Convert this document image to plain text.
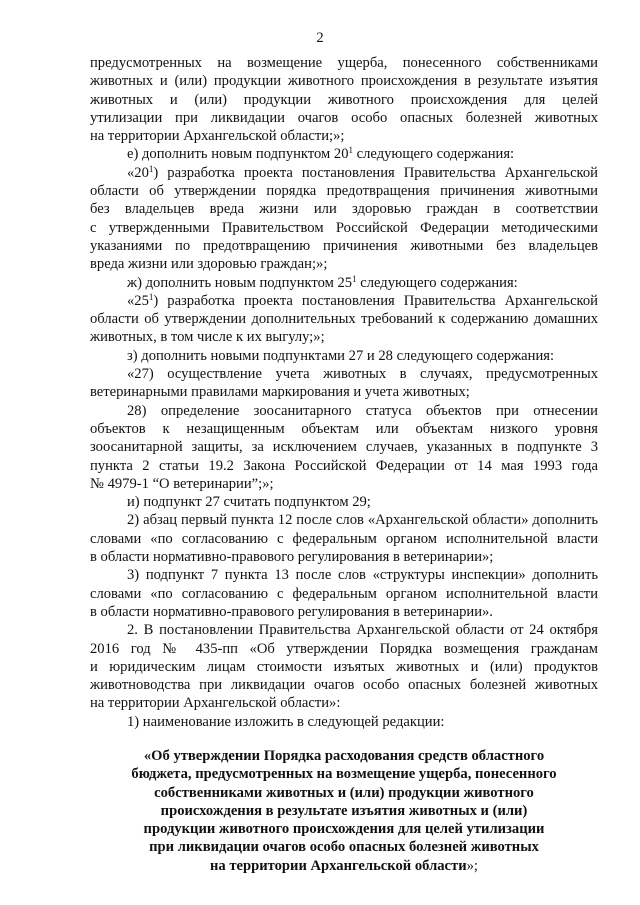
2
предусмотренных на возмещение ущерба, понесенного собственниками
животных и (или) продукции животного происхождения в результате изъятия
животных и (или) продукции животного происхождения для целей
утилизации при ликвидации очагов особо опасных болезней животных
на территории Архангельской области;»;
е) дополнить новым подпунктом $20^1$ следующего содержания:
«$20^1$) разработка проекта постановления Правительства Архангельской
области об утверждении порядка предотвращения причинения животными
без владельцев вреда жизни или здоровью граждан в соответствии
с утвержденными Правительством Российской Федерации методическими
указаниями по предотвращению причинения животными без владельцев
вреда жизни или здоровью граждан;»;
ж) дополнить новым подпунктом $25^1$ следующего содержания:
«$25^1$) разработка проекта постановления Правительства Архангельской
области об утверждении дополнительных требований к содержанию домашних
животных, в том числе к их выгулу;»;
з) дополнить новыми подпунктами 27 и 28 следующего содержания:
«27) осуществление учета животных в случаях, предусмотренных
ветеринарными правилами маркирования и учета животных;
28) определение зоосанитарного статуса объектов при отнесении
объектов к незащищенным объектам или объектам низкого уровня
зоосанитарной защиты, за исключением случаев, указанных в подпункте 3
пункта 2 статьи 19.2 Закона Российской Федерации от 14 мая 1993 года
№ 4979-1 “О ветеринарии”;»;
и) подпункт 27 считать подпунктом 29;
2) абзац первый пункта 12 после слов «Архангельской области» дополнить
словами «по согласованию с федеральным органом исполнительной власти
в области нормативно-правового регулирования в ветеринарии»;
3) подпункт 7 пункта 13 после слов «структуры инспекции» дополнить
словами «по согласованию с федеральным органом исполнительной власти
в области нормативно-правового регулирования в ветеринарии».
2. В постановлении Правительства Архангельской области от 24 октября
2016 год № 435-пп «Об утверждении Порядка возмещения гражданам
и юридическим лицам стоимости изъятых животных и (или) продуктов
животноводства при ликвидации очагов особо опасных болезней животных
на территории Архангельской области»:
1) наименование изложить в следующей редакции:
«Об утверждении Порядка расходования средств областного
бюджета, предусмотренных на возмещение ущерба, понесенного
собственниками животных и (или) продукции животного
происхождения в результате изъятия животных и (или)
продукции животного происхождения для целей утилизации
при ликвидации очагов особо опасных болезней животных
на территории Архангельской области»;
